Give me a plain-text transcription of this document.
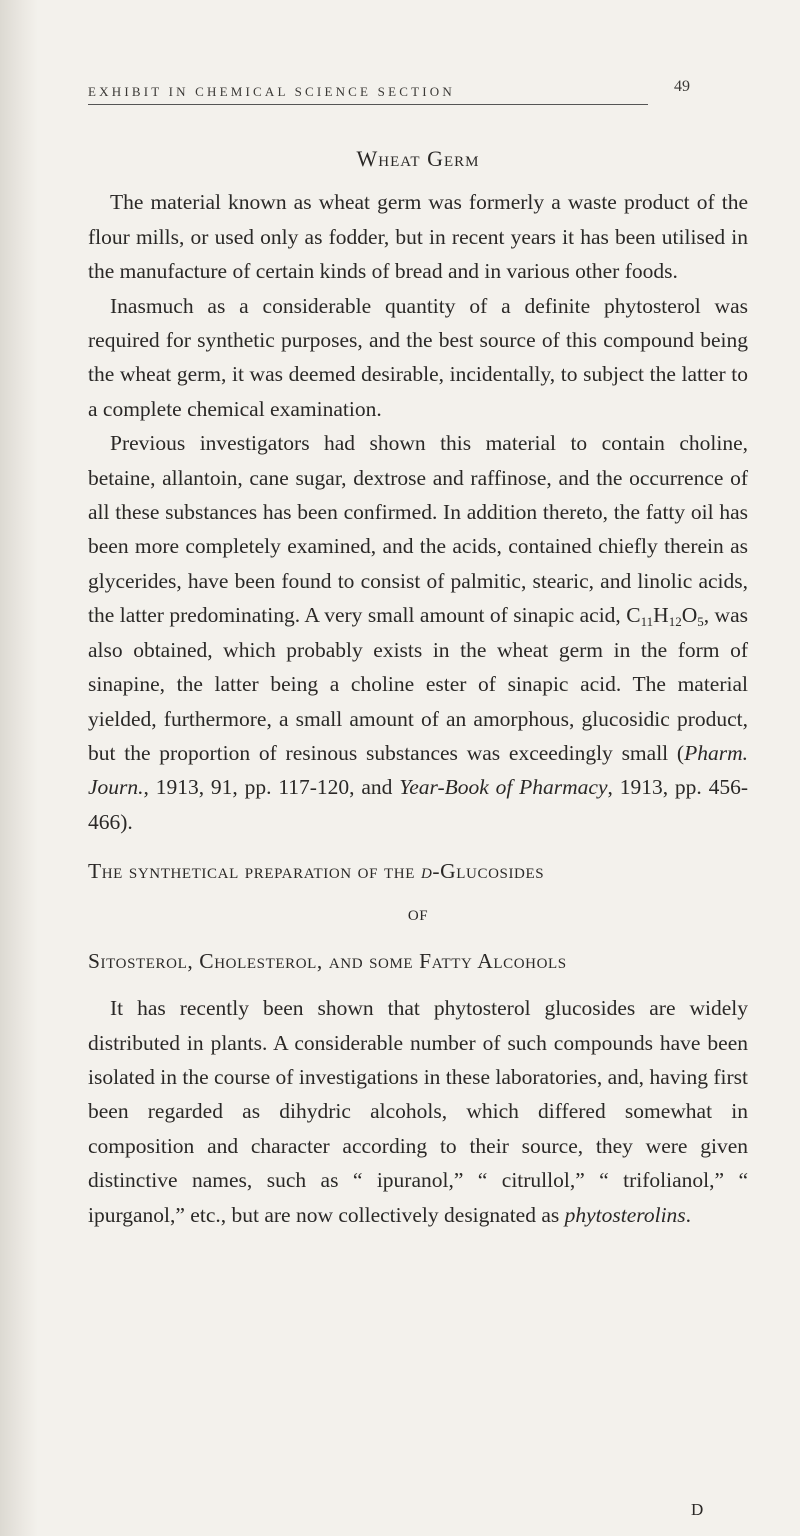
EXHIBIT IN CHEMICAL SCIENCE SECTION	49
Wheat Germ

The material known as wheat germ was formerly a waste product of the flour mills, or used only as fodder, but in recent years it has been utilised in the manufacture of certain kinds of bread and in various other foods.

Inasmuch as a considerable quantity of a definite phytosterol was required for synthetic purposes, and the best source of this compound being the wheat germ, it was deemed desirable, incidentally, to subject the latter to a complete chemical examination.

Previous investigators had shown this material to contain choline, betaine, allantoin, cane sugar, dextrose and raffinose, and the occurrence of all these substances has been confirmed. In addition thereto, the fatty oil has been more completely examined, and the acids, contained chiefly therein as glycerides, have been found to consist of palmitic, stearic, and linolic acids, the latter predominating. A very small amount of sinapic acid, $C_{11}H_{12}O_5$, was also obtained, which probably exists in the wheat germ in the form of sinapine, the latter being a choline ester of sinapic acid. The material yielded, furthermore, a small amount of an amorphous, glucosidic product, but the proportion of resinous substances was exceedingly small (Pharm. Journ., 1913, 91, pp. 117-120, and Year-Book of Pharmacy, 1913, pp. 456-466).

The synthetical preparation of the d-Glucosides
OF
Sitosterol, Cholesterol, and some Fatty Alcohols

It has recently been shown that phytosterol glucosides are widely distributed in plants. A considerable number of such compounds have been isolated in the course of investigations in these laboratories, and, having first been regarded as dihydric alcohols, which differed somewhat in composition and character according to their source, they were given distinctive names, such as “ ipuranol,” “ citrullol,” “ trifolianol,” “ ipurganol,” etc., but are now collectively designated as phytosterolins.

D
